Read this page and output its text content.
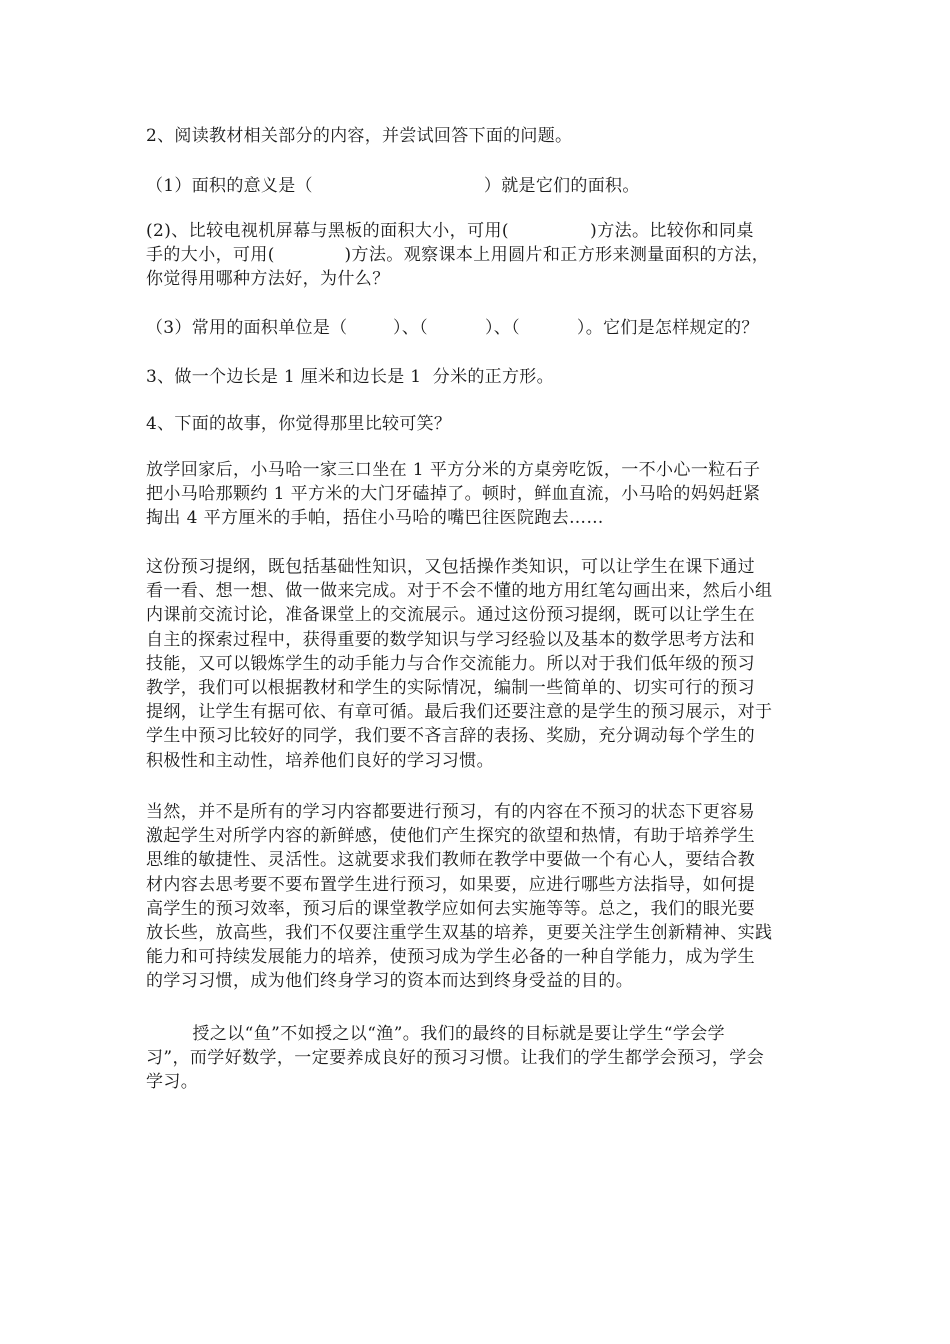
2、阅读教材相关部分的内容，并尝试回答下面的问题。
（1）面积的意义是（                              ）就是它们的面积。
(2)、比较电视机屏幕与黑板的面积大小，可用(              )方法。比较你和同桌
手的大小，可用(            )方法。观察课本上用圆片和正方形来测量面积的方法，
你觉得用哪种方法好，为什么？
（3）常用的面积单位是（        ）、（          ）、（          ）。它们是怎样规定的？
3、做一个边长是 1 厘米和边长是 1  分米的正方形。
4、下面的故事，你觉得那里比较可笑？
放学回家后，小马哈一家三口坐在 1 平方分米的方桌旁吃饭，一不小心一粒石子
把小马哈那颗约 1 平方米的大门牙磕掉了。顿时，鲜血直流，小马哈的妈妈赶紧
掏出 4 平方厘米的手帕，捂住小马哈的嘴巴往医院跑去……
这份预习提纲，既包括基础性知识，又包括操作类知识，可以让学生在课下通过
看一看、想一想、做一做来完成。对于不会不懂的地方用红笔勾画出来，然后小组
内课前交流讨论，准备课堂上的交流展示。通过这份预习提纲，既可以让学生在
自主的探索过程中，获得重要的数学知识与学习经验以及基本的数学思考方法和
技能，又可以锻炼学生的动手能力与合作交流能力。所以对于我们低年级的预习
教学，我们可以根据教材和学生的实际情况，编制一些简单的、切实可行的预习
提纲，让学生有据可依、有章可循。最后我们还要注意的是学生的预习展示，对于
学生中预习比较好的同学，我们要不吝言辞的表扬、奖励，充分调动每个学生的
积极性和主动性，培养他们良好的学习习惯。
当然，并不是所有的学习内容都要进行预习，有的内容在不预习的状态下更容易
激起学生对所学内容的新鲜感，使他们产生探究的欲望和热情，有助于培养学生
思维的敏捷性、灵活性。这就要求我们教师在教学中要做一个有心人，要结合教
材内容去思考要不要布置学生进行预习，如果要，应进行哪些方法指导，如何提
高学生的预习效率，预习后的课堂教学应如何去实施等等。总之，我们的眼光要
放长些，放高些，我们不仅要注重学生双基的培养，更要关注学生创新精神、实践
能力和可持续发展能力的培养，使预习成为学生必备的一种自学能力，成为学生
的学习习惯，成为他们终身学习的资本而达到终身受益的目的。
授之以“鱼”不如授之以“渔”。我们的最终的目标就是要让学生“学会学
习”，而学好数学，一定要养成良好的预习习惯。让我们的学生都学会预习，学会
学习。
